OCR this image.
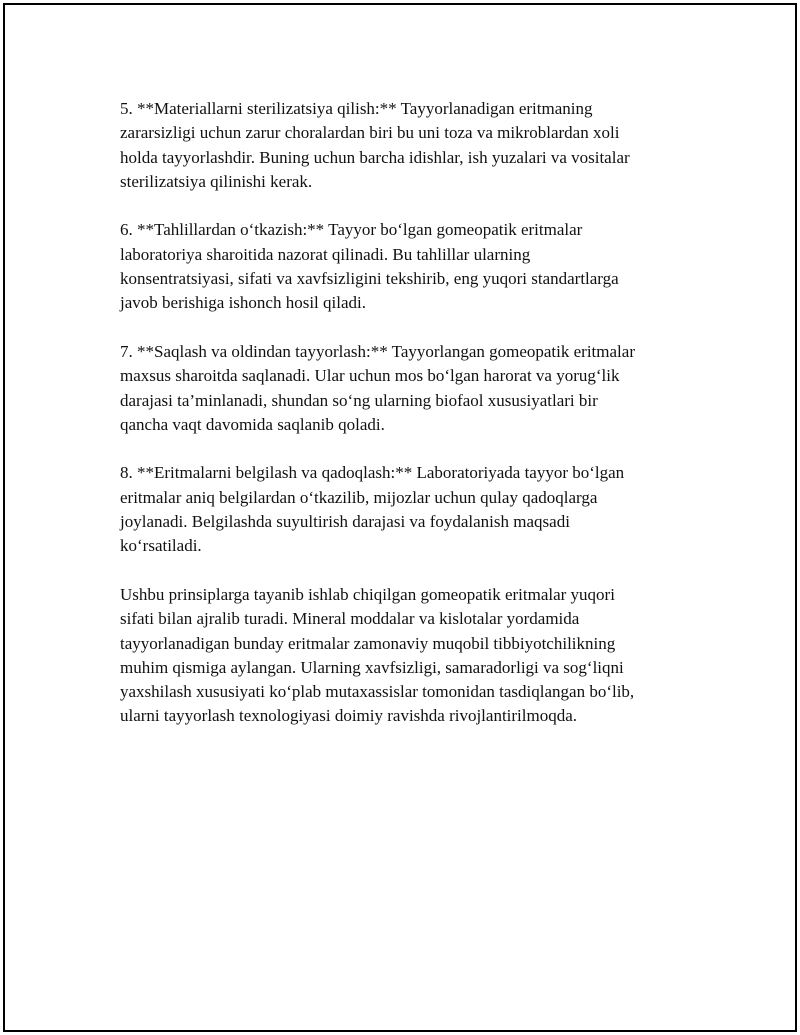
5. **Materiallarni sterilizatsiya qilish:** Tayyorlanadigan eritmaning
zararsizligi uchun zarur choralardan biri bu uni toza va mikroblardan xoli
holda tayyorlashdir. Buning uchun barcha idishlar, ish yuzalari va vositalar
sterilizatsiya qilinishi kerak.

6. **Tahlillardan o‘tkazish:** Tayyor bo‘lgan gomeopatik eritmalar
laboratoriya sharoitida nazorat qilinadi. Bu tahlillar ularning
konsentratsiyasi, sifati va xavfsizligini tekshirib, eng yuqori standartlarga
javob berishiga ishonch hosil qiladi.

7. **Saqlash va oldindan tayyorlash:** Tayyorlangan gomeopatik eritmalar
maxsus sharoitda saqlanadi. Ular uchun mos bo‘lgan harorat va yorug‘lik
darajasi ta’minlanadi, shundan so‘ng ularning biofaol xususiyatlari bir
qancha vaqt davomida saqlanib qoladi.

8. **Eritmalarni belgilash va qadoqlash:** Laboratoriyada tayyor bo‘lgan
eritmalar aniq belgilardan o‘tkazilib, mijozlar uchun qulay qadoqlarga
joylanadi. Belgilashda suyultirish darajasi va foydalanish maqsadi
ko‘rsatiladi.

Ushbu prinsiplarga tayanib ishlab chiqilgan gomeopatik eritmalar yuqori
sifati bilan ajralib turadi. Mineral moddalar va kislotalar yordamida
tayyorlanadigan bunday eritmalar zamonaviy muqobil tibbiyotchilikning
muhim qismiga aylangan. Ularning xavfsizligi, samaradorligi va sog‘liqni
yaxshilash xususiyati ko‘plab mutaxassislar tomonidan tasdiqlangan bo‘lib,
ularni tayyorlash texnologiyasi doimiy ravishda rivojlantirilmoqda.
